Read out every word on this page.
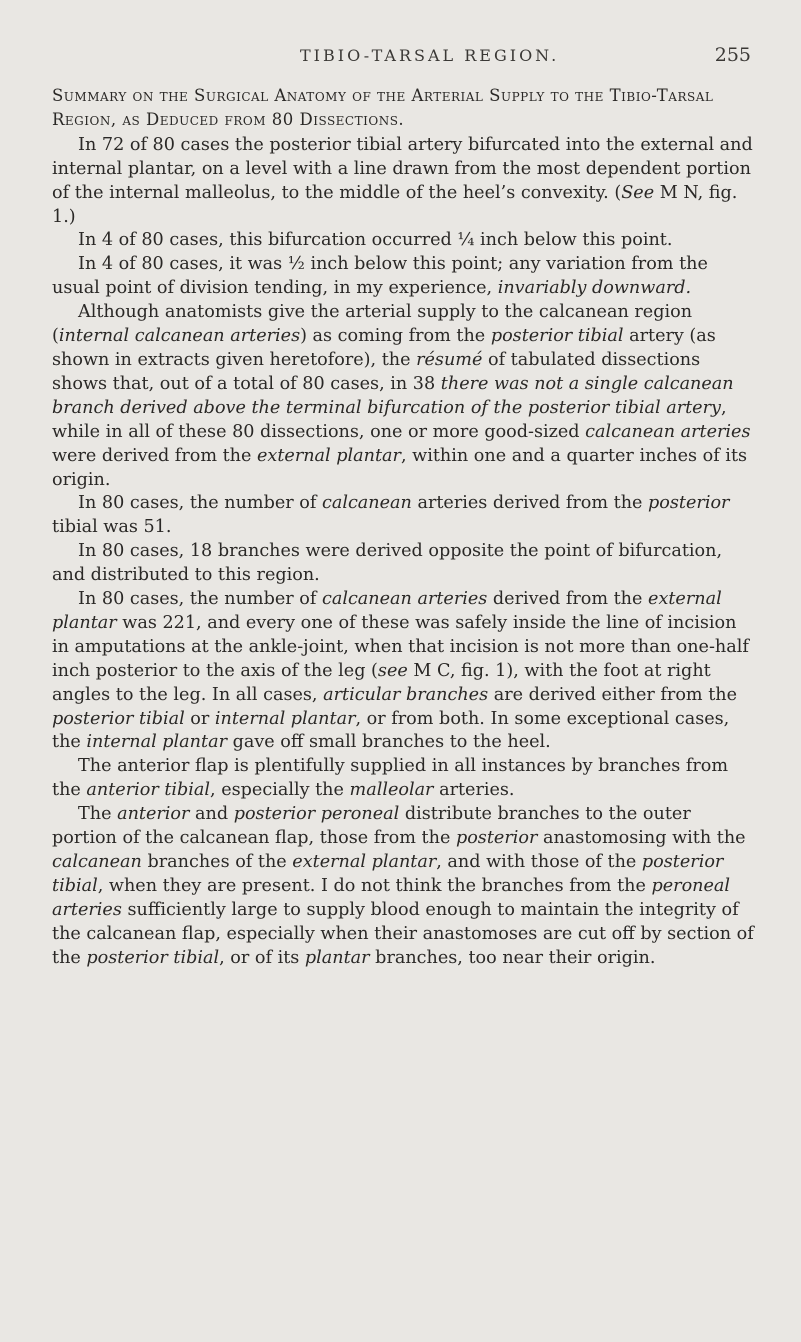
TIBIO-TARSAL REGION.	255
Summary on the Surgical Anatomy of the Arterial Supply to the Tibio-Tarsal Region, as Deduced from 80 Dissections.

In 72 of 80 cases the posterior tibial artery bifurcated into the external and internal plantar, on a level with a line drawn from the most dependent portion of the internal malleolus, to the middle of the heel’s convexity. (See M N, fig. 1.)

In 4 of 80 cases, this bifurcation occurred ¼ inch below this point.

In 4 of 80 cases, it was ½ inch below this point; any variation from the usual point of division tending, in my experience, invariably downward.

Although anatomists give the arterial supply to the calcanean region (internal calcanean arteries) as coming from the posterior tibial artery (as shown in extracts given heretofore), the résumé of tabulated dissections shows that, out of a total of 80 cases, in 38 there was not a single calcanean branch derived above the terminal bifurcation of the posterior tibial artery, while in all of these 80 dissections, one or more good-sized calcanean arteries were derived from the external plantar, within one and a quarter inches of its origin.

In 80 cases, the number of calcanean arteries derived from the posterior tibial was 51.

In 80 cases, 18 branches were derived opposite the point of bifurcation, and distributed to this region.

In 80 cases, the number of calcanean arteries derived from the external plantar was 221, and every one of these was safely inside the line of incision in amputations at the ankle-joint, when that incision is not more than one-half inch posterior to the axis of the leg (see M C, fig. 1), with the foot at right angles to the leg. In all cases, articular branches are derived either from the posterior tibial or internal plantar, or from both. In some exceptional cases, the internal plantar gave off small branches to the heel.

The anterior flap is plentifully supplied in all instances by branches from the anterior tibial, especially the malleolar arteries.

The anterior and posterior peroneal distribute branches to the outer portion of the calcanean flap, those from the posterior anastomosing with the calcanean branches of the external plantar, and with those of the posterior tibial, when they are present. I do not think the branches from the peroneal arteries sufficiently large to supply blood enough to maintain the integrity of the calcanean flap, especially when their anastomoses are cut off by section of the posterior tibial, or of its plantar branches, too near their origin.
